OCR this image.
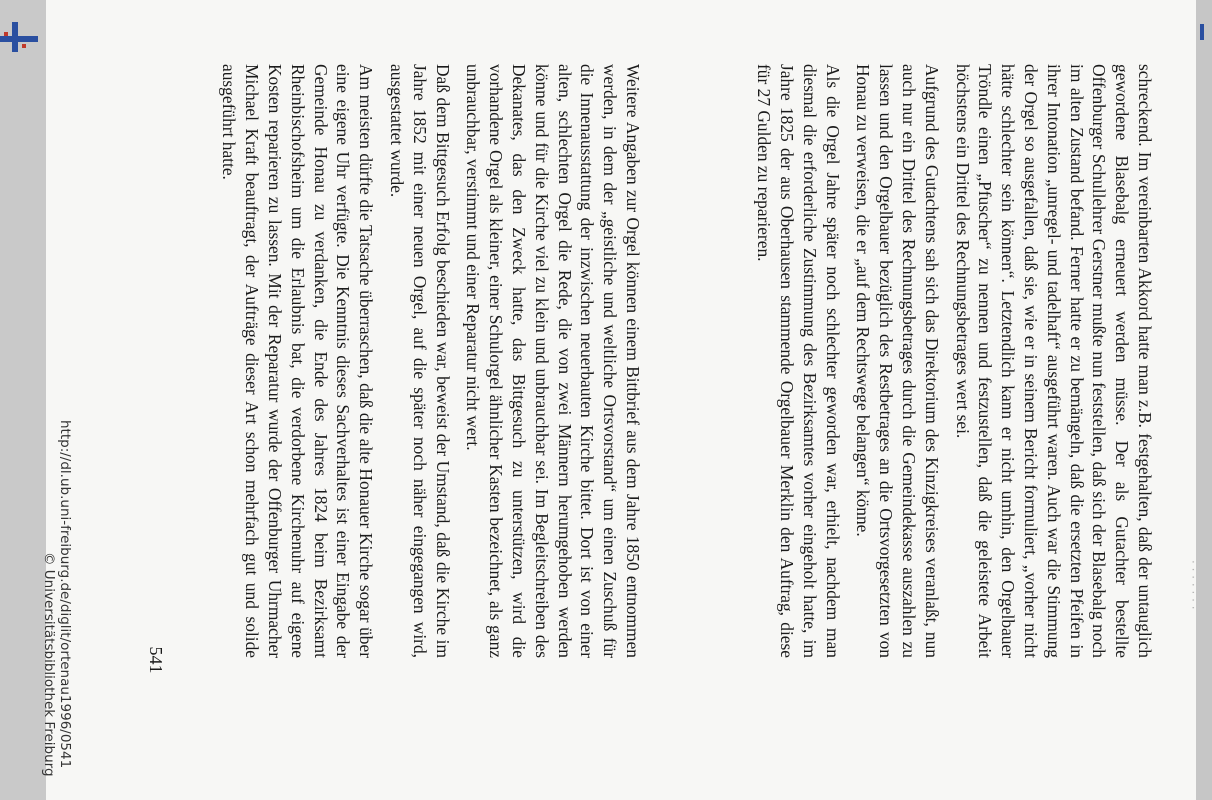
· · · · · · ·

schreckend. Im vereinbarten Akkord hatte man z.B. festgehalten, daß der untauglich gewordene Blasebalg erneuert werden müsse. Der als Gutachter bestellte Offenburger Schullehrer Gerstner mußte nun feststellen, daß sich der Blasebalg noch im alten Zustand befand. Ferner hatte er zu bemängeln, daß die ersetzten Pfeifen in ihrer Intonation „unregel- und tadelhaft“ ausgeführt waren. Auch war die Stimmung der Orgel so ausgefallen, daß sie, wie er in seinem Bericht formuliert, „vorher nicht hätte schlechter sein können“. Letztendlich kann er nicht umhin, den Orgelbauer Tröndle einen „Pfuscher“ zu nennen und festzustellen, daß die geleistete Arbeit höchstens ein Drittel des Rechnungsbetrages wert sei.

Aufgrund des Gutachtens sah sich das Direktorium des Kinzigkreises veranlaßt, nun auch nur ein Drittel des Rechnungsbetrages durch die Gemeindekasse auszahlen zu lassen und den Orgelbauer bezüglich des Restbetrages an die Ortsvorgesetzten von Honau zu verweisen, die er „auf dem Rechtswege belangen“ könne.

Als die Orgel Jahre später noch schlechter geworden war, erhielt, nachdem man diesmal die erforderliche Zustimmung des Bezirksamtes vorher eingeholt hatte, im Jahre 1825 der aus Oberhausen stammende Orgelbauer Merklin den Auftrag, diese für 27 Gulden zu reparieren.

Weitere Angaben zur Orgel können einem Bittbrief aus dem Jahre 1850 entnommen werden, in dem der „geistliche und weltliche Ortsvorstand“ um einen Zuschuß für die Innenausstattung der inzwischen neuerbauten Kirche bittet. Dort ist von einer alten, schlechten Orgel die Rede, die von zwei Männern herumgehoben werden könne und für die Kirche viel zu klein und unbrauchbar sei. Im Begleitschreiben des Dekanates, das den Zweck hatte, das Bittgesuch zu unterstützen, wird die vorhandene Orgel als kleiner, einer Schulorgel ähnlicher Kasten bezeichnet, als ganz unbrauchbar, verstimmt und einer Reparatur nicht wert.

Daß dem Bittgesuch Erfolg beschieden war, beweist der Umstand, daß die Kirche im Jahre 1852 mit einer neuen Orgel, auf die später noch näher eingegangen wird, ausgestattet wurde.

Am meisten dürfte die Tatsache überraschen, daß die alte Honauer Kirche sogar über eine eigene Uhr verfügte. Die Kenntnis dieses Sachverhaltes ist einer Eingabe der Gemeinde Honau zu verdanken, die Ende des Jahres 1824 beim Bezirksamt Rheinbischofsheim um die Erlaubnis bat, die verdorbene Kirchenuhr auf eigene Kosten reparieren zu lassen. Mit der Reparatur wurde der Offenburger Uhrmacher Michael Kraft beauftragt, der Aufträge dieser Art schon mehrfach gut und solide ausgeführt hatte.

541
http://dl.ub.uni-freiburg.de/diglit/ortenau1996/0541
© Universitätsbibliothek Freiburg
